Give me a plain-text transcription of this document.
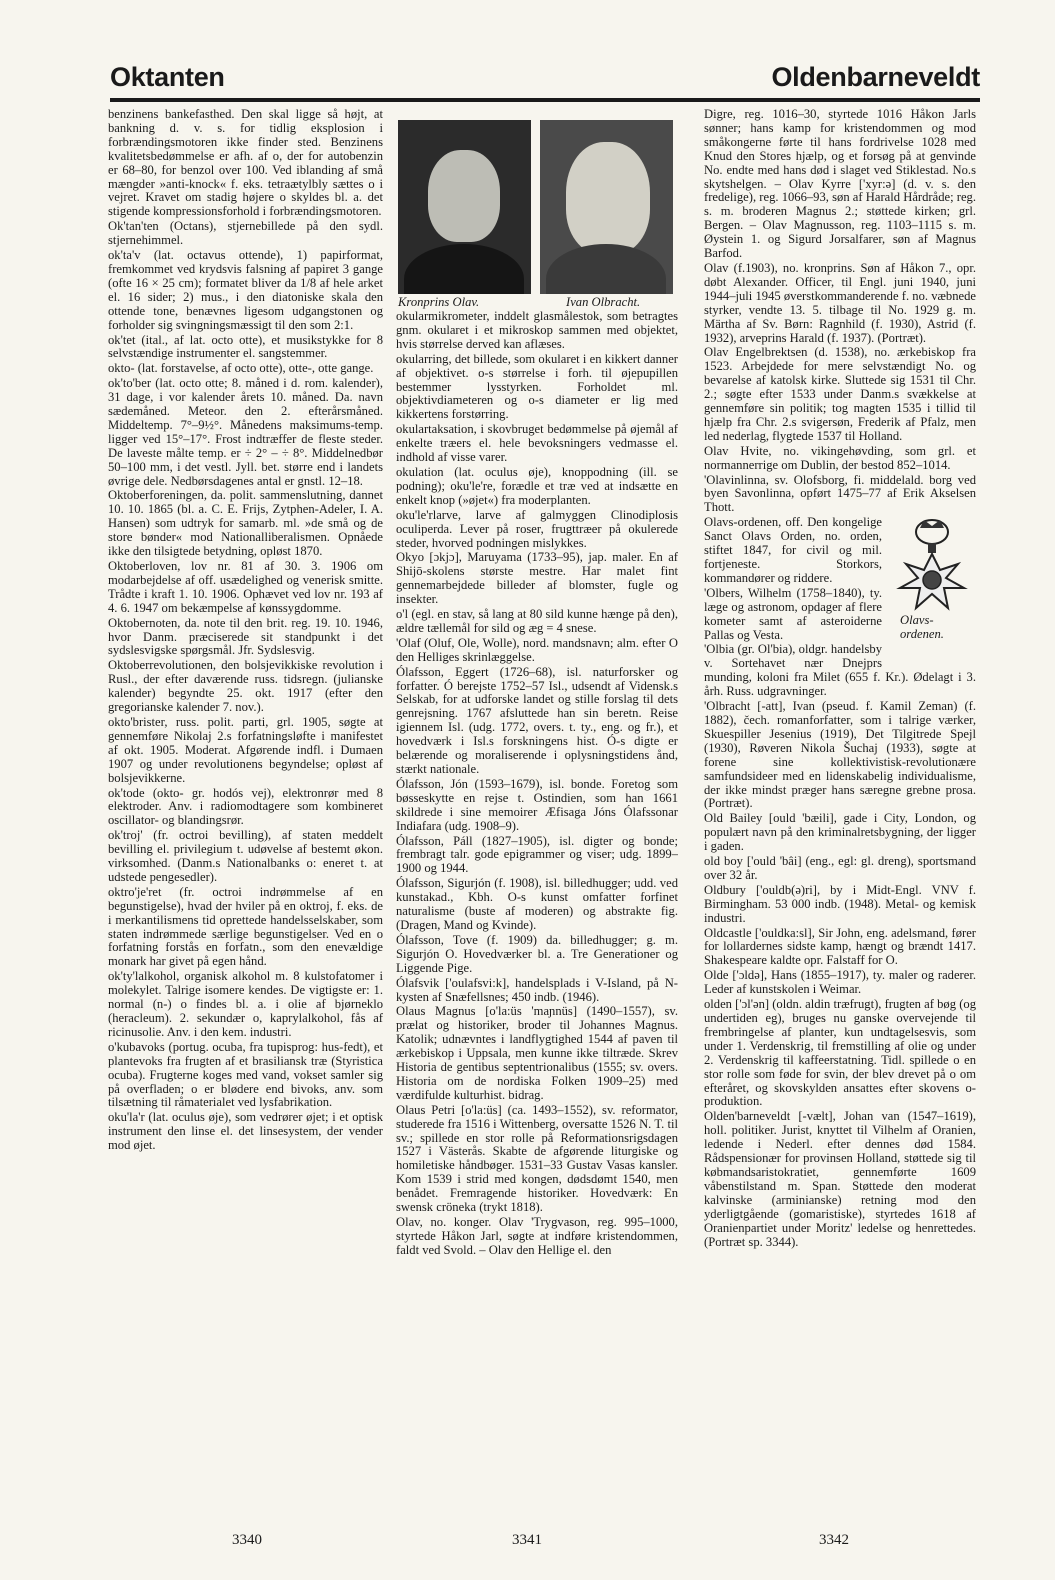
Oktanten	Oldenbarneveldt

benzinens bankefasthed. Den skal ligge så højt, at bankning d. v. s. for tidlig eksplosion i forbrændingsmotoren ikke finder sted. Benzinens kvalitetsbedømmelse er afh. af o, der for autobenzin er 68–80, for benzol over 100. Ved iblanding af små mængder »anti-knock« f. eks. tetraætylbly sættes o i vejret. Kravet om stadig højere o skyldes bl. a. det stigende kompressionsforhold i forbrændingsmotoren.

Ok'tan'ten (Octans), stjernebillede på den sydl. stjernehimmel.

ok'ta'v (lat. octavus ottende), 1) papirformat, fremkommet ved krydsvis falsning af papiret 3 gange (ofte 16 × 25 cm); formatet bliver da 1/8 af hele arket el. 16 sider; 2) mus., i den diatoniske skala den ottende tone, benævnes ligesom udgangstonen og forholder sig svingningsmæssigt til den som 2:1.

ok'tet (ital., af lat. octo otte), et musikstykke for 8 selvstændige instrumenter el. sangstemmer.

okto- (lat. forstavelse, af octo otte), otte-, otte gange.

ok'to'ber (lat. octo otte; 8. måned i d. rom. kalender), 31 dage, i vor kalender årets 10. måned. Da. navn sædemåned. Meteor. den 2. efterårsmåned. Middeltemp. 7°–9½°. Månedens maksimums-temp. ligger ved 15°–17°. Frost indtræffer de fleste steder. De laveste målte temp. er ÷ 2° – ÷ 8°. Middelnedbør 50–100 mm, i det vestl. Jyll. bet. større end i landets øvrige dele. Nedbørsdagenes antal er gnstl. 12–18.

Oktoberforeningen, da. polit. sammenslutning, dannet 10. 10. 1865 (bl. a. C. E. Frijs, Zytphen-Adeler, I. A. Hansen) som udtryk for samarb. ml. »de små og de store bønder« mod Nationalliberalismen. Opnåede ikke den tilsigtede betydning, opløst 1870.

Oktoberloven, lov nr. 81 af 30. 3. 1906 om modarbejdelse af off. usædelighed og venerisk smitte. Trådte i kraft 1. 10. 1906. Ophævet ved lov nr. 193 af 4. 6. 1947 om bekæmpelse af kønssygdomme.

Oktobernoten, da. note til den brit. reg. 19. 10. 1946, hvor Danm. præciserede sit standpunkt i det sydslesvigske spørgsmål. Jfr. Sydslesvig.

Oktoberrevolutionen, den bolsjevikkiske revolution i Rusl., der efter daværende russ. tidsregn. (julianske kalender) begyndte 25. okt. 1917 (efter den gregorianske kalender 7. nov.).

okto'brister, russ. polit. parti, grl. 1905, søgte at gennemføre Nikolaj 2.s forfatningsløfte i manifestet af okt. 1905. Moderat. Afgørende indfl. i Dumaen 1907 og under revolutionens begyndelse; opløst af bolsjevikkerne.

ok'tode (okto- gr. hodós vej), elektronrør med 8 elektroder. Anv. i radiomodtagere som kombineret oscillator- og blandingsrør.

ok'troj' (fr. octroi bevilling), af staten meddelt bevilling el. privilegium t. udøvelse af bestemt økon. virksomhed. (Danm.s Nationalbanks o: eneret t. at udstede pengesedler).

oktro'je'ret (fr. octroi indrømmelse af en begunstigelse), hvad der hviler på en oktroj, f. eks. de i merkantilismens tid oprettede handelsselskaber, som staten indrømmede særlige begunstigelser. Ved en o forfatning forstås en forfatn., som den enevældige monark har givet på egen hånd.

ok'ty'lalkohol, organisk alkohol m. 8 kulstofatomer i molekylet. Talrige isomere kendes. De vigtigste er: 1. normal (n-) o findes bl. a. i olie af bjørneklo (heracleum). 2. sekundær o, kaprylalkohol, fås af ricinusolie. Anv. i den kem. industri.

o'kubavoks (portug. ocuba, fra tupisprog: hus-fedt), et plantevoks fra frugten af et brasiliansk træ (Styristica ocuba). Frugterne koges med vand, vokset samler sig på overfladen; o er blødere end bivoks, anv. som tilsætning til råmaterialet ved lysfabrikation.

oku'la'r (lat. oculus øje), som vedrører øjet; i et optisk instrument den linse el. det linsesystem, der vender mod øjet.

Kronprins Olav.	Ivan Olbracht.

okularmikrometer, inddelt glasmålestok, som betragtes gnm. okularet i et mikroskop sammen med objektet, hvis størrelse derved kan aflæses.

okularring, det billede, som okularet i en kikkert danner af objektivet. o-s størrelse i forh. til øjepupillen bestemmer lysstyrken. Forholdet ml. objektivdiameteren og o-s diameter er lig med kikkertens forstørring.

okulartaksation, i skovbruget bedømmelse på øjemål af enkelte træers el. hele bevoksningers vedmasse el. indhold af visse varer.

okulation (lat. oculus øje), knoppodning (ill. se podning); oku'le're, forædle et træ ved at indsætte en enkelt knop (»øjet«) fra moderplanten.

oku'le'rlarve, larve af galmyggen Clinodiplosis oculiperda. Lever på roser, frugttræer på okulerede steder, hvorved podningen mislykkes.

Okyo [ɔkjɔ], Maruyama (1733–95), jap. maler. En af Shijō-skolens største mestre. Har malet fint gennemarbejdede billeder af blomster, fugle og insekter.

o'l (egl. en stav, så lang at 80 sild kunne hænge på den), ældre tællemål for sild og æg = 4 snese.

'Olaf (Oluf, Ole, Wolle), nord. mandsnavn; alm. efter O den Helliges skrinlæggelse.

Ólafsson, Eggert (1726–68), isl. naturforsker og forfatter. Ó berejste 1752–57 Isl., udsendt af Vidensk.s Selskab, for at udforske landet og stille forslag til dets genrejsning. 1767 afsluttede han sin beretn. Reise igiennem Isl. (udg. 1772, overs. t. ty., eng. og fr.), et hovedværk i Isl.s forskningens hist. Ó-s digte er belærende og moraliserende i oplysningstidens ånd, stærkt nationale.

Ólafsson, Jón (1593–1679), isl. bonde. Foretog som bøsseskytte en rejse t. Ostindien, som han 1661 skildrede i sine memoirer Æfisaga Jóns Ólafssonar Indiafara (udg. 1908–9).

Ólafsson, Páll (1827–1905), isl. digter og bonde; frembragt talr. gode epigrammer og viser; udg. 1899–1900 og 1944.

Ólafsson, Sigurjón (f. 1908), isl. billedhugger; udd. ved kunstakad., Kbh. O-s kunst omfatter forfinet naturalisme (buste af moderen) og abstrakte fig. (Dragen, Mand og Kvinde).

Ólafsson, Tove (f. 1909) da. billedhugger; g. m. Sigurjón O. Hovedværker bl. a. Tre Generationer og Liggende Pige.

Ólafsvik ['oulafsvi:k], handelsplads i V-Island, på N-kysten af Snæfellsnes; 450 indb. (1946).

Olaus Magnus [o'la:üs 'maɲnüs] (1490–1557), sv. prælat og historiker, broder til Johannes Magnus. Katolik; udnævntes i landflygtighed 1544 af paven til ærkebiskop i Uppsala, men kunne ikke tiltræde. Skrev Historia de gentibus septentrionalibus (1555; sv. overs. Historia om de nordiska Folken 1909–25) med værdifulde kulturhist. bidrag.

Olaus Petri [o'la:üs] (ca. 1493–1552), sv. reformator, studerede fra 1516 i Wittenberg, oversatte 1526 N. T. til sv.; spillede en stor rolle på Reformationsrigsdagen 1527 i Västerås. Skabte de afgørende liturgiske og homiletiske håndbøger. 1531–33 Gustav Vasas kansler. Kom 1539 i strid med kongen, dødsdømt 1540, men benådet. Fremragende historiker. Hovedværk: En swensk cröneka (trykt 1818).

Olav, no. konger. Olav 'Trygvason, reg. 995–1000, styrtede Håkon Jarl, søgte at indføre kristendommen, faldt ved Svold. – Olav den Hellige el. den

Digre, reg. 1016–30, styrtede 1016 Håkon Jarls sønner; hans kamp for kristendommen og mod småkongerne førte til hans fordrivelse 1028 med Knud den Stores hjælp, og et forsøg på at genvinde No. endte med hans død i slaget ved Stiklestad. No.s skytshelgen. – Olav Kyrre ['xyr:ə] (d. v. s. den fredelige), reg. 1066–93, søn af Harald Hårdråde; reg. s. m. broderen Magnus 2.; støttede kirken; grl. Bergen. – Olav Magnusson, reg. 1103–1115 s. m. Øystein 1. og Sigurd Jorsalfarer, søn af Magnus Barfod.

Olav (f.1903), no. kronprins. Søn af Håkon 7., opr. døbt Alexander. Officer, til Engl. juni 1940, juni 1944–juli 1945 øverstkommanderende f. no. væbnede styrker, vendte 13. 5. tilbage til No. 1929 g. m. Märtha af Sv. Børn: Ragnhild (f. 1930), Astrid (f. 1932), arveprins Harald (f. 1937). (Portræt).

Olav Engelbrektsen (d. 1538), no. ærkebiskop fra 1523. Arbejdede for mere selvstændigt No. og bevarelse af katolsk kirke. Sluttede sig 1531 til Chr. 2.; søgte efter 1533 under Danm.s svækkelse at gennemføre sin politik; tog magten 1535 i tillid til hjælp fra Chr. 2.s svigersøn, Frederik af Pfalz, men led nederlag, flygtede 1537 til Holland.

Olav Hvite, no. vikingehøvding, som grl. et normannerrige om Dublin, der bestod 852–1014.

'Olavinlinna, sv. Olofsborg, fi. middelald. borg ved byen Savonlinna, opført 1475–77 af Erik Akselsen Thott.

Olavs-ordenen.

Olavs-ordenen, off. Den kongelige Sanct Olavs Orden, no. orden, stiftet 1847, for civil og mil. fortjeneste. Storkors, kommandører og riddere.

'Olbers, Wilhelm (1758–1840), ty. læge og astronom, opdager af flere kometer samt af asteroiderne Pallas og Vesta.

'Olbia (gr. Ol'bia), oldgr. handelsby v. Sortehavet nær Dnejprs munding, koloni fra Milet (655 f. Kr.). Ødelagt i 3. årh. Russ. udgravninger.

'Olbracht [-att], Ivan (pseud. f. Kamil Zeman) (f. 1882), čech. romanforfatter, som i talrige værker, Skuespiller Jesenius (1919), Det Tilgitrede Spejl (1930), Røveren Nikola Šuchaj (1933), søgte at forene sine kollektivistisk-revolutionære samfundsideer med en lidenskabelig individualisme, der ikke mindst præger hans særegne grebne prosa. (Portræt).

Old Bailey [ould 'bæili], gade i City, London, og populært navn på den kriminalretsbygning, der ligger i gaden.

old boy ['ould 'bâi] (eng., egl: gl. dreng), sportsmand over 32 år.

Oldbury ['ouldb(ə)ri], by i Midt-Engl. VNV f. Birmingham. 53 000 indb. (1948). Metal- og kemisk industri.

Oldcastle ['ouldka:sl], Sir John, eng. adelsmand, fører for lollardernes sidste kamp, hængt og brændt 1417. Shakespeare kaldte opr. Falstaff for O.

Olde ['ɔldə], Hans (1855–1917), ty. maler og raderer. Leder af kunstskolen i Weimar.

olden ['ɔl'ən] (oldn. aldin træfrugt), frugten af bøg (og undertiden eg), bruges nu ganske overvejende til frembringelse af planter, kun undtagelsesvis, som under 1. Verdenskrig, til fremstilling af olie og under 2. Verdenskrig til kaffeerstatning. Tidl. spillede o en stor rolle som føde for svin, der blev drevet på o om efteråret, og skovskylden ansattes efter skovens o-produktion.

Olden'barneveldt [-vælt], Johan van (1547–1619), holl. politiker. Jurist, knyttet til Vilhelm af Oranien, ledende i Nederl. efter dennes død 1584. Rådspensionær for provinsen Holland, støttede sig til købmandsaristokratiet, gennemførte 1609 våbenstilstand m. Span. Støttede den moderat kalvinske (arminianske) retning mod den yderligtgående (gomaristiske), styrtedes 1618 af Oranienpartiet under Moritz' ledelse og henrettedes. (Portræt sp. 3344).

3340	3341	3342
